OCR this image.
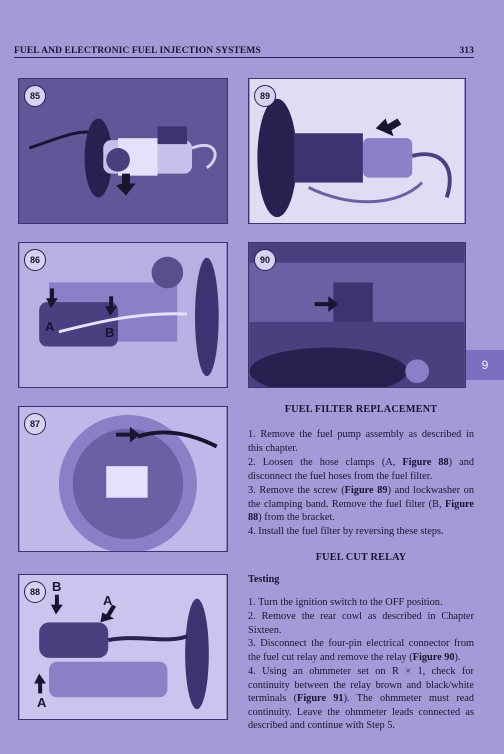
FUEL AND ELECTRONIC FUEL INJECTION SYSTEMS	313
85	89
86
A	B
90
9
87
88 B
A
A
FUEL FILTER REPLACEMENT
1. Remove the fuel pump assembly as described in this chapter.
2. Loosen the hose clamps (A, Figure 88) and disconnect the fuel hoses from the fuel filter.
3. Remove the screw (Figure 89) and lockwasher on the clamping band. Remove the fuel filter (B, Figure 88) from the bracket.
4. Install the fuel filter by reversing these steps.
FUEL CUT RELAY
Testing
1. Turn the ignition switch to the OFF position.
2. Remove the rear cowl as described in Chapter Sixteen.
3. Disconnect the four-pin electrical connector from the fuel cut relay and remove the relay (Figure 90).
4. Using an ohmmeter set on R × 1, check for continuity between the relay brown and black/white terminals (Figure 91). The ohmmeter must read continuity. Leave the ohmmeter leads connected as described and continue with Step 5.
